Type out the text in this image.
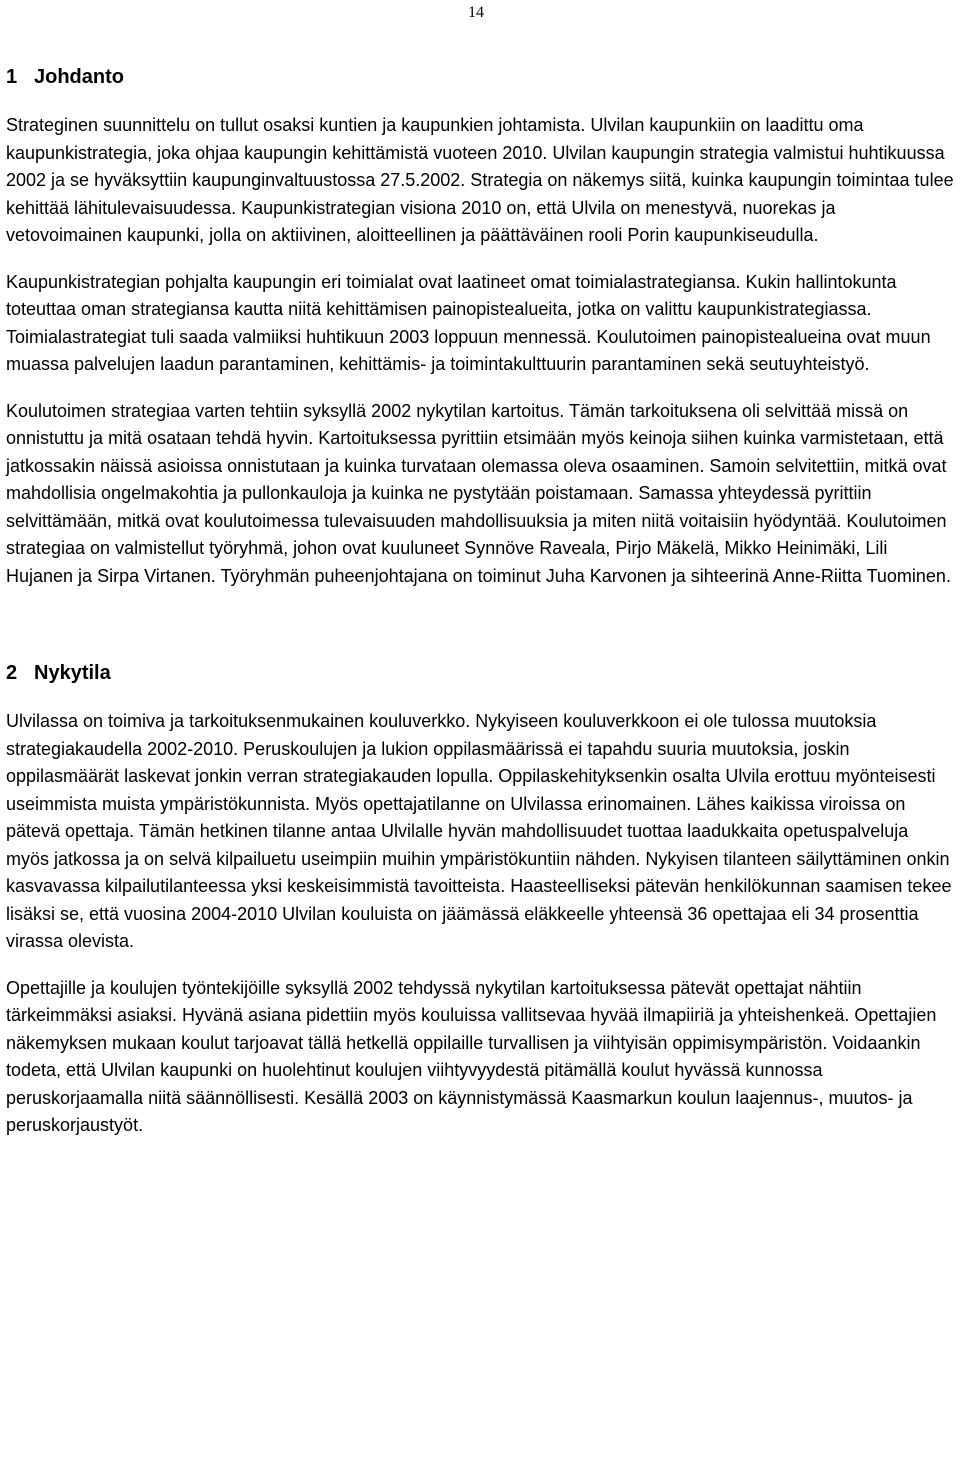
14
1 Johdanto

Strateginen suunnittelu on tullut osaksi kuntien ja kaupunkien johtamista. Ulvilan kaupunkiin on laadittu oma kaupunkistrategia, joka ohjaa kaupungin kehittämistä vuoteen 2010. Ulvilan kaupungin strategia valmistui huhtikuussa 2002 ja se hyväksyttiin kaupunginvaltuustossa 27.5.2002. Strategia on näkemys siitä, kuinka kaupungin toimintaa tulee kehittää lähitulevaisuudessa. Kaupunkistrategian visiona 2010 on, että Ulvila on menestyvä, nuorekas ja vetovoimainen kaupunki, jolla on aktiivinen, aloitteellinen ja päättäväinen rooli Porin kaupunkiseudulla.

Kaupunkistrategian pohjalta kaupungin eri toimialat ovat laatineet omat toimialastrategiansa. Kukin hallintokunta toteuttaa oman strategiansa kautta niitä kehittämisen painopistealueita, jotka on valittu kaupunkistrategiassa. Toimialastrategiat tuli saada valmiiksi huhtikuun 2003 loppuun mennessä. Koulutoimen painopistealueina ovat muun muassa palvelujen laadun parantaminen, kehittämis- ja toimintakulttuurin parantaminen sekä seutuyhteistyö.

Koulutoimen strategiaa varten tehtiin syksyllä 2002 nykytilan kartoitus. Tämän tarkoituksena oli selvittää missä on onnistuttu ja mitä osataan tehdä hyvin. Kartoituksessa pyrittiin etsimään myös keinoja siihen kuinka varmistetaan, että jatkossakin näissä asioissa onnistutaan ja kuinka turvataan olemassa oleva osaaminen. Samoin selvitettiin, mitkä ovat mahdollisia ongelmakohtia ja pullonkauloja ja kuinka ne pystytään poistamaan. Samassa yhteydessä pyrittiin selvittämään, mitkä ovat koulutoimessa tulevaisuuden mahdollisuuksia ja miten niitä voitaisiin hyödyntää. Koulutoimen strategiaa on valmistellut työryhmä, johon ovat kuuluneet Synnöve Raveala, Pirjo Mäkelä, Mikko Heinimäki, Lili Hujanen ja Sirpa Virtanen. Työryhmän puheenjohtajana on toiminut Juha Karvonen ja sihteerinä Anne-Riitta Tuominen.

2 Nykytila

Ulvilassa on toimiva ja tarkoituksenmukainen kouluverkko. Nykyiseen kouluverkkoon ei ole tulossa muutoksia strategiakaudella 2002-2010. Peruskoulujen ja lukion oppilasmäärissä ei tapahdu suuria muutoksia, joskin oppilasmäärät laskevat jonkin verran strategiakauden lopulla. Oppilaskehityksenkin osalta Ulvila erottuu myönteisesti useimmista muista ympäristökunnista. Myös opettajatilanne on Ulvilassa erinomainen. Lähes kaikissa viroissa on pätevä opettaja. Tämän hetkinen tilanne antaa Ulvilalle hyvän mahdollisuudet tuottaa laadukkaita opetuspalveluja myös jatkossa ja on selvä kilpailuetu useimpiin muihin ympäristökuntiin nähden. Nykyisen tilanteen säilyttäminen onkin kasvavassa kilpailutilanteessa yksi keskeisimmistä tavoitteista. Haasteelliseksi pätevän henkilökunnan saamisen tekee lisäksi se, että vuosina 2004-2010 Ulvilan kouluista on jäämässä eläkkeelle yhteensä 36 opettajaa eli 34 prosenttia virassa olevista.

Opettajille ja koulujen työntekijöille syksyllä 2002 tehdyssä nykytilan kartoituksessa pätevät opettajat nähtiin tärkeimmäksi asiaksi. Hyvänä asiana pidettiin myös kouluissa vallitsevaa hyvää ilmapiiriä ja yhteishenkeä. Opettajien näkemyksen mukaan koulut tarjoavat tällä hetkellä oppilaille turvallisen ja viihtyisän oppimisympäristön. Voidaankin todeta, että Ulvilan kaupunki on huolehtinut koulujen viihtyvyydestä pitämällä koulut hyvässä kunnossa peruskorjaamalla niitä säännöllisesti. Kesällä 2003 on käynnistymässä Kaasmarkun koulun laajennus-, muutos- ja peruskorjaustyöt.
